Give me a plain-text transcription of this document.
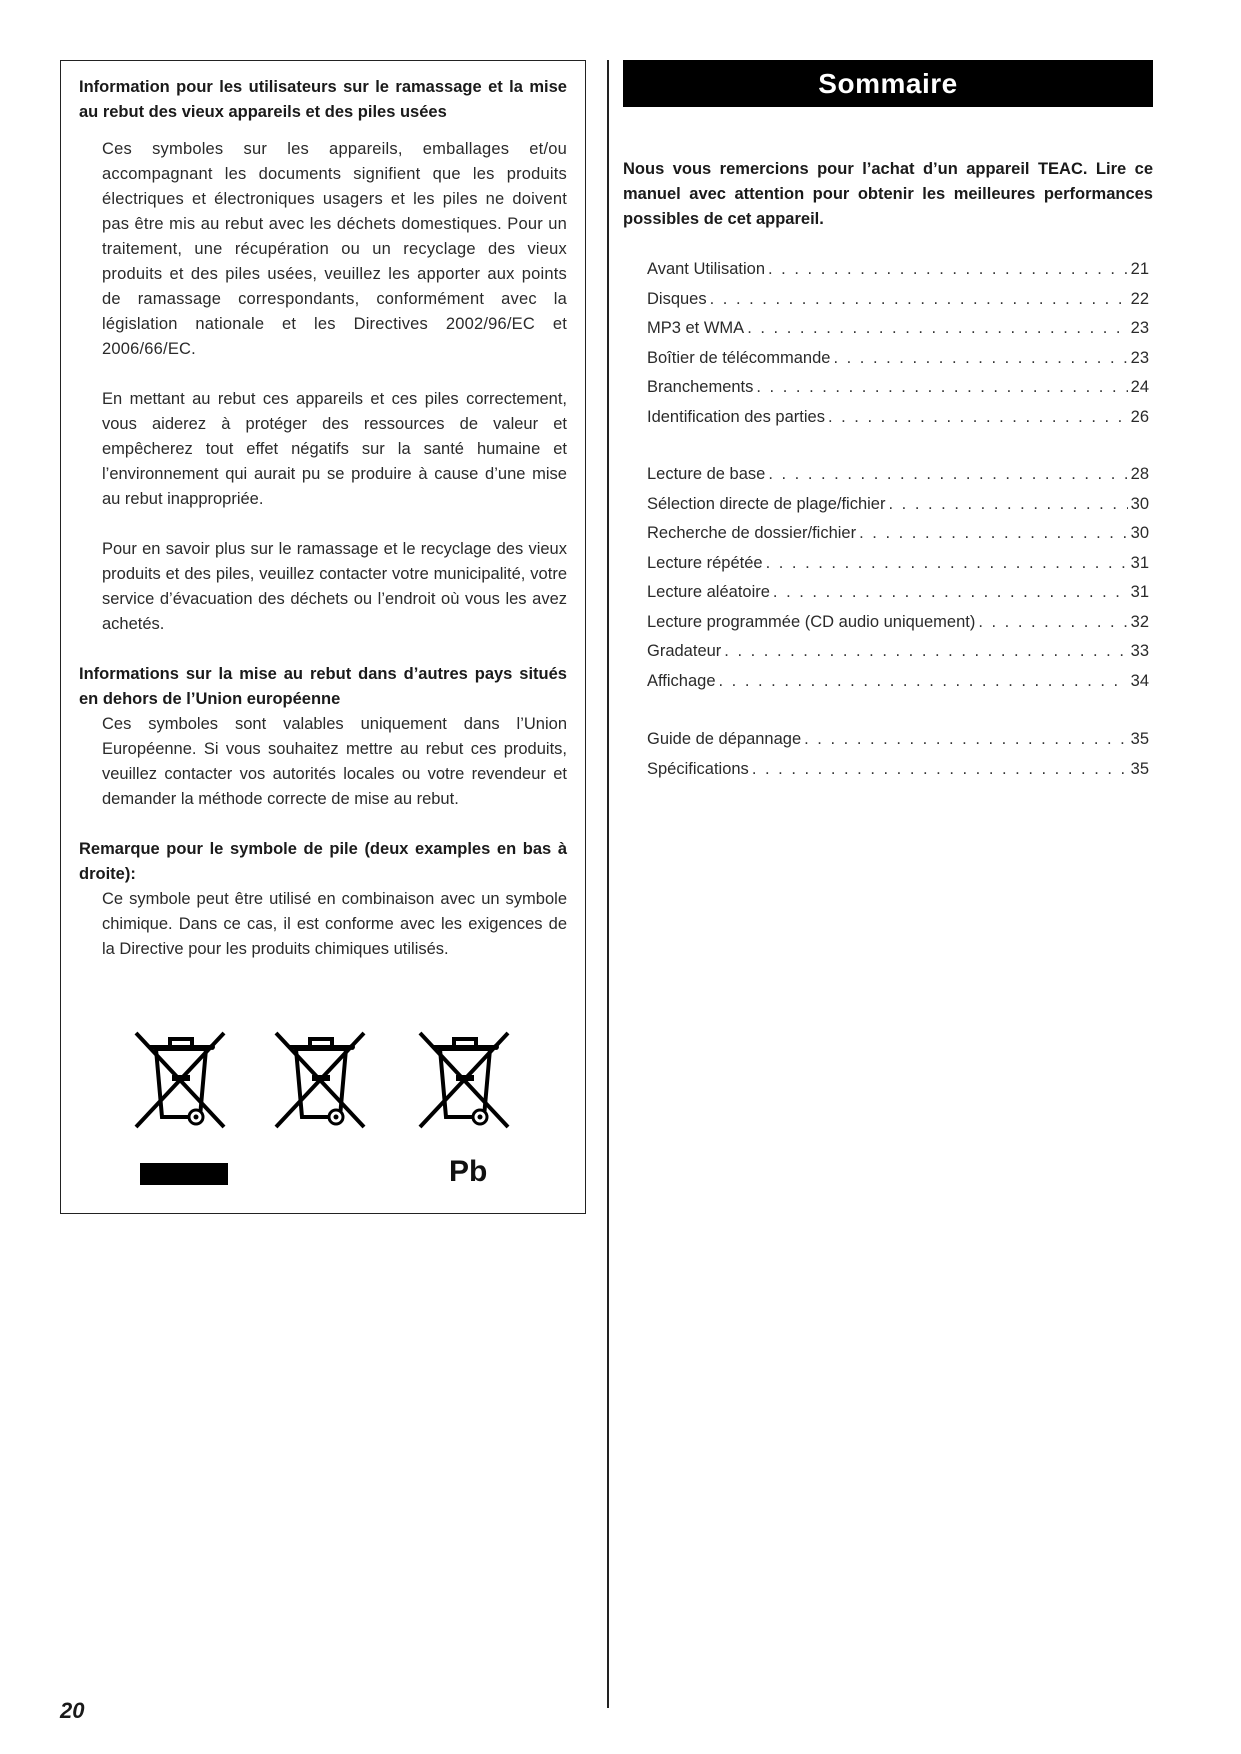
Information pour les utilisateurs sur le ramassage et la mise au rebut des vieux appareils et des piles usées

Ces symboles sur les appareils, emballages et/ou accompagnant les documents signifient que les produits électriques et électroniques usagers et les piles ne doivent pas être mis au rebut avec les déchets domestiques. Pour un traitement, une récupération ou un recyclage des vieux produits et des piles usées, veuillez les apporter aux points de ramassage correspondants, conformément avec la législation nationale et les Directives 2002/96/EC et 2006/66/EC.

En mettant au rebut ces appareils et ces piles correctement, vous aiderez à protéger des ressources de valeur et empêcherez tout effet négatifs sur la santé humaine et l’environnement qui aurait pu se produire à cause d’une mise au rebut inappropriée.

Pour en savoir plus sur le ramassage et le recyclage des vieux produits et des piles, veuillez contacter votre municipalité, votre service d’évacuation des déchets ou l’endroit où vous les avez achetés.

Informations sur la mise au rebut dans d’autres pays situés en dehors de l’Union européenne

Ces symboles sont valables uniquement dans l’Union Européenne. Si vous souhaitez mettre au rebut ces produits, veuillez contacter vos autorités locales ou votre revendeur et demander la méthode correcte de mise au rebut.

Remarque pour le symbole de pile (deux examples en bas à droite):

Ce symbole peut être utilisé en combinaison avec un symbole chimique. Dans ce cas, il est conforme avec les exigences de la Directive pour les produits chimiques utilisés.

Pb
Sommaire

Nous vous remercions pour l’achat d’un appareil TEAC. Lire ce manuel avec attention pour obtenir les meilleures performances possibles de cet appareil.

Avant Utilisation . . .	21
Disques . . .	22
MP3 et WMA . . .	23
Boîtier de télécommande . . .	23
Branchements . . .	24
Identification des parties . . .	26
Lecture de base . . .	28
Sélection directe de plage/fichier . . .	30
Recherche de dossier/fichier . . .	30
Lecture répétée . . .	31
Lecture aléatoire . . .	31
Lecture programmée (CD audio uniquement) . . .	32
Gradateur . . .	33
Affichage . . .	34
Guide de dépannage . . .	35
Spécifications . . .	35
20
